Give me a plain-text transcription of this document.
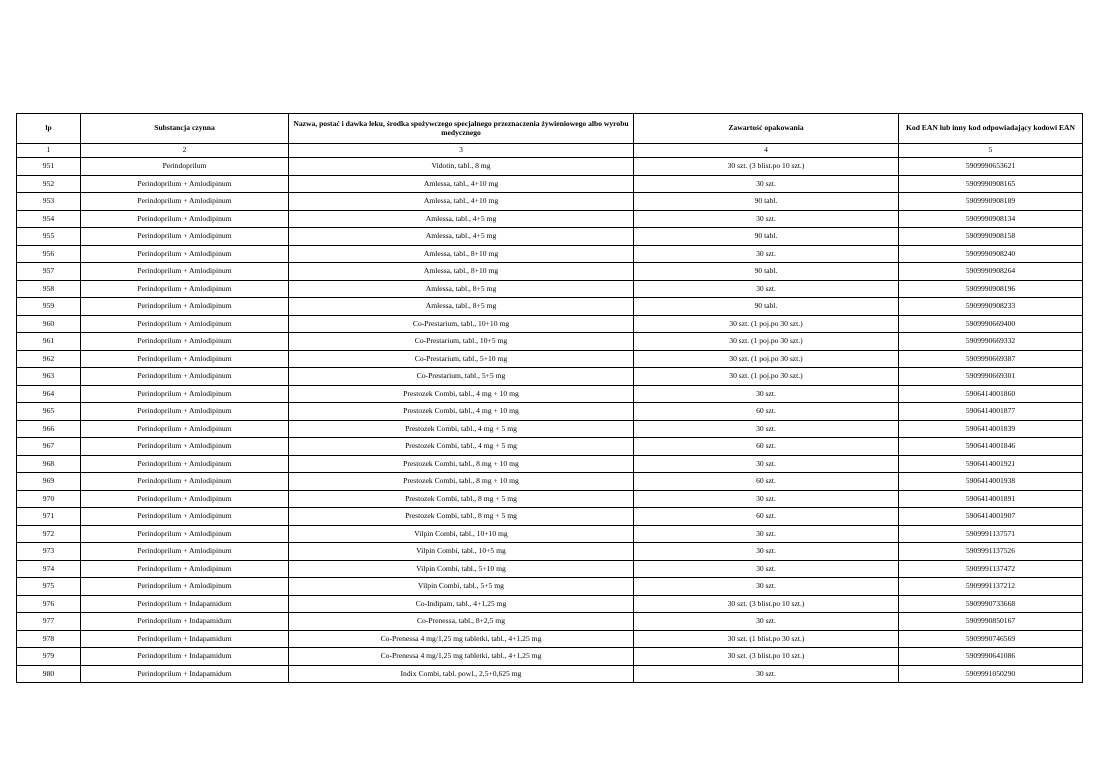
lp	Substancja czynna	Nazwa, postać i dawka leku, środka spożywczego specjalnego przeznaczenia żywieniowego albo wyrobu medycznego	Zawartość opakowania	Kod EAN lub inny kod odpowiadający kodowi EAN
1	2	3	4	5
951	Perindoprilum	Vidotin, tabl., 8 mg	30 szt. (3 blist.po 10 szt.)	5909990653621
952	Perindoprilum + Amlodipinum	Amlessa, tabl., 4+10 mg	30 szt.	5909990908165
953	Perindoprilum + Amlodipinum	Amlessa, tabl., 4+10 mg	90 tabl.	5909990908189
954	Perindoprilum + Amlodipinum	Amlessa, tabl., 4+5 mg	30 szt.	5909990908134
955	Perindoprilum + Amlodipinum	Amlessa, tabl., 4+5 mg	90 tabl.	5909990908158
956	Perindoprilum + Amlodipinum	Amlessa, tabl., 8+10 mg	30 szt.	5909990908240
957	Perindoprilum + Amlodipinum	Amlessa, tabl., 8+10 mg	90 tabl.	5909990908264
958	Perindoprilum + Amlodipinum	Amlessa, tabl., 8+5 mg	30 szt.	5909990908196
959	Perindoprilum + Amlodipinum	Amlessa, tabl., 8+5 mg	90 tabl.	5909990908233
960	Perindoprilum + Amlodipinum	Co-Prestarium, tabl., 10+10 mg	30 szt. (1 poj.po 30 szt.)	5909990669400
961	Perindoprilum + Amlodipinum	Co-Prestarium, tabl., 10+5 mg	30 szt. (1 poj.po 30 szt.)	5909990669332
962	Perindoprilum + Amlodipinum	Co-Prestarium, tabl., 5+10 mg	30 szt. (1 poj.po 30 szt.)	5909990669387
963	Perindoprilum + Amlodipinum	Co-Prestarium, tabl., 5+5 mg	30 szt. (1 poj.po 30 szt.)	5909990669301
964	Perindoprilum + Amlodipinum	Prestozek Combi, tabl., 4 mg + 10 mg	30 szt.	5906414001860
965	Perindoprilum + Amlodipinum	Prestozek Combi, tabl., 4 mg + 10 mg	60 szt.	5906414001877
966	Perindoprilum + Amlodipinum	Prestozek Combi, tabl., 4 mg + 5 mg	30 szt.	5906414001839
967	Perindoprilum + Amlodipinum	Prestozek Combi, tabl., 4 mg + 5 mg	60 szt.	5906414001846
968	Perindoprilum + Amlodipinum	Prestozek Combi, tabl., 8 mg + 10 mg	30 szt.	5906414001921
969	Perindoprilum + Amlodipinum	Prestozek Combi, tabl., 8 mg + 10 mg	60 szt.	5906414001938
970	Perindoprilum + Amlodipinum	Prestozek Combi, tabl., 8 mg + 5 mg	30 szt.	5906414001891
971	Perindoprilum + Amlodipinum	Prestozek Combi, tabl., 8 mg + 5 mg	60 szt.	5906414001907
972	Perindoprilum + Amlodipinum	Vilpin Combi, tabl., 10+10 mg	30 szt.	5909991137571
973	Perindoprilum + Amlodipinum	Vilpin Combi, tabl., 10+5 mg	30 szt.	5909991137526
974	Perindoprilum + Amlodipinum	Vilpin Combi, tabl., 5+10 mg	30 szt.	5909991137472
975	Perindoprilum + Amlodipinum	Vilpin Combi, tabl., 5+5 mg	30 szt.	5909991137212
976	Perindoprilum + Indapamidum	Co-Indipam, tabl., 4+1,25 mg	30 szt. (3 blist.po 10 szt.)	5909990733668
977	Perindoprilum + Indapamidum	Co-Prenessa, tabl., 8+2,5 mg	30 szt.	5909990850167
978	Perindoprilum + Indapamidum	Co-Prenessa 4 mg/1,25 mg tabletki, tabl., 4+1,25 mg	30 szt. (1 blist.po 30 szt.)	5909990746569
979	Perindoprilum + Indapamidum	Co-Prenessa 4 mg/1,25 mg tabletki, tabl., 4+1,25 mg	30 szt. (3 blist.po 10 szt.)	5909990641086
980	Perindoprilum + Indapamidum	Indix Combi, tabl. powl., 2,5+0,625 mg	30 szt.	5909991050290
